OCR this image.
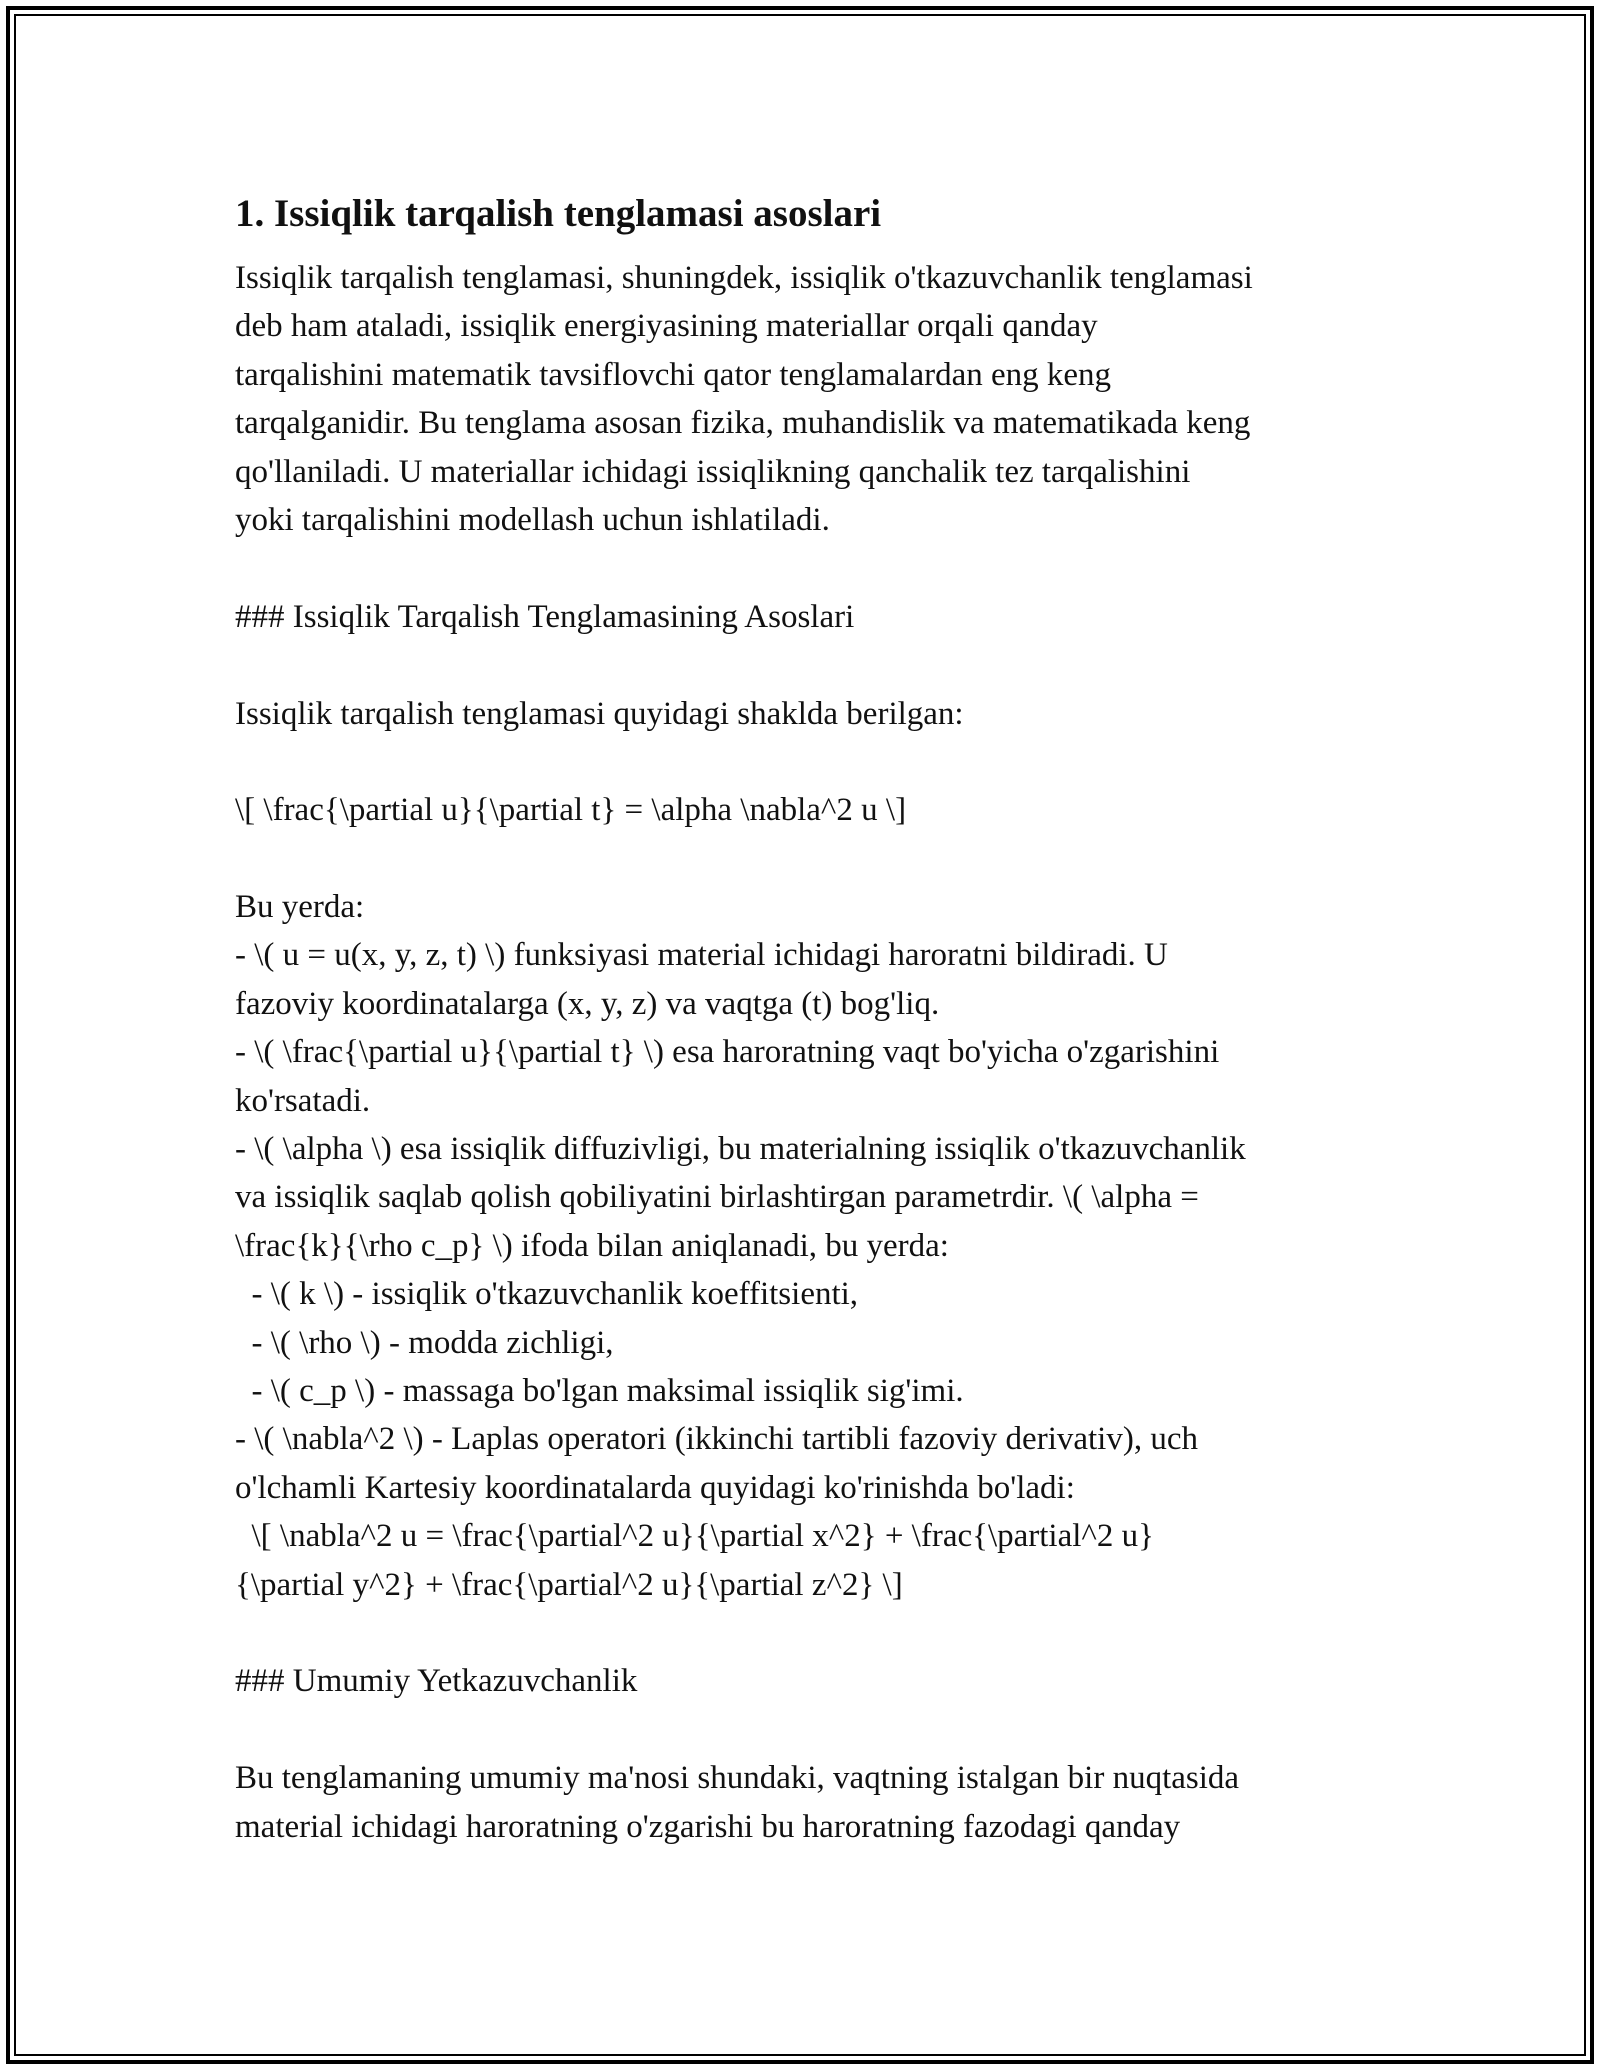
1. Issiqlik tarqalish tenglamasi asoslari
Issiqlik tarqalish tenglamasi, shuningdek, issiqlik o'tkazuvchanlik tenglamasi
deb ham ataladi, issiqlik energiyasining materiallar orqali qanday
tarqalishini matematik tavsiflovchi qator tenglamalardan eng keng
tarqalganidir. Bu tenglama asosan fizika, muhandislik va matematikada keng
qo'llaniladi. U materiallar ichidagi issiqlikning qanchalik tez tarqalishini
yoki tarqalishini modellash uchun ishlatiladi.
### Issiqlik Tarqalish Tenglamasining Asoslari
Issiqlik tarqalish tenglamasi quyidagi shaklda berilgan:
\[ \frac{\partial u}{\partial t} = \alpha \nabla^2 u \]
Bu yerda:
- \( u = u(x, y, z, t) \) funksiyasi material ichidagi haroratni bildiradi. U
fazoviy koordinatalarga (x, y, z) va vaqtga (t) bog'liq.
- \( \frac{\partial u}{\partial t} \) esa haroratning vaqt bo'yicha o'zgarishini
ko'rsatadi.
- \( \alpha \) esa issiqlik diffuzivligi, bu materialning issiqlik o'tkazuvchanlik
va issiqlik saqlab qolish qobiliyatini birlashtirgan parametrdir. \( \alpha =
\frac{k}{\rho c_p} \) ifoda bilan aniqlanadi, bu yerda:
- \( k \) - issiqlik o'tkazuvchanlik koeffitsienti,
- \( \rho \) - modda zichligi,
- \( c_p \) - massaga bo'lgan maksimal issiqlik sig'imi.
- \( \nabla^2 \) - Laplas operatori (ikkinchi tartibli fazoviy derivativ), uch
o'lchamli Kartesiy koordinatalarda quyidagi ko'rinishda bo'ladi:
\[ \nabla^2 u = \frac{\partial^2 u}{\partial x^2} + \frac{\partial^2 u}
{\partial y^2} + \frac{\partial^2 u}{\partial z^2} \]
### Umumiy Yetkazuvchanlik
Bu tenglamaning umumiy ma'nosi shundaki, vaqtning istalgan bir nuqtasida
material ichidagi haroratning o'zgarishi bu haroratning fazodagi qanday
